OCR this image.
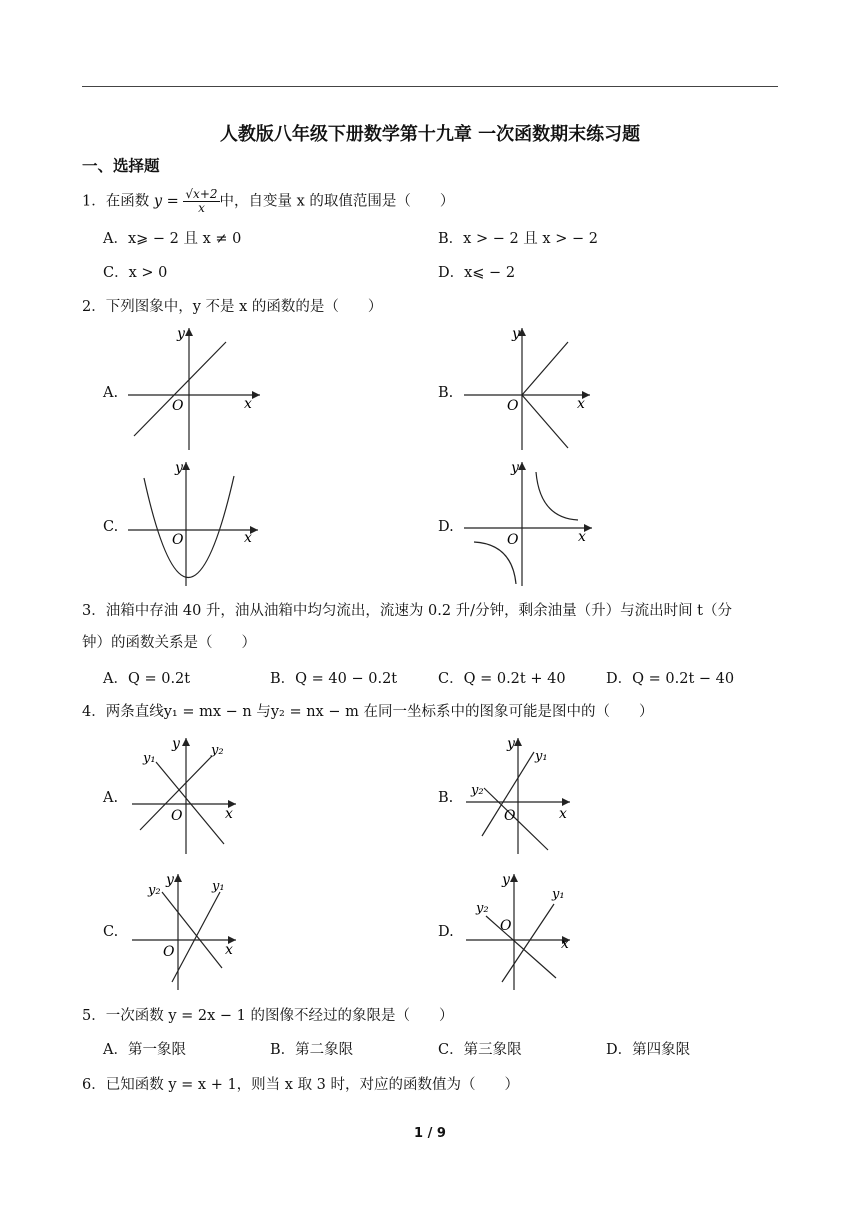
人教版八年级下册数学第十九章 一次函数期末练习题
一、选择题
1．在函数 $y = \frac{√x+2}{x}$ 中，自变量 x 的取值范围是（　　）
A．x⩾ − 2 且 x ≠ 0	B．x > − 2 且 x > − 2
C．x > 0	D．x⩽ − 2
2．下列图象中，y 不是 x 的函数的是（　　）
A.
O	x
y
B.
O	x
y
C.
O	x
y
D.
O	x
y
3．油箱中存油 40 升，油从油箱中均匀流出，流速为 0.2 升/分钟，剩余油量（升）与流出时间 t（分
钟）的函数关系是（　　）
A．Q = 0.2t	B．Q = 40 − 0.2t	C．Q = 0.2t + 40	D．Q = 0.2t − 40
4．两条直线y₁ = mx − n 与y₂ = nx − m 在同一坐标系中的图象可能是图中的（　　）
A.
y₁
y₂
O	x
y
B.
y₁
y₂
O	x
y
C.
y₁
y₂
O	x
y
D.
y₁
y₂
O
x
y
5．一次函数 y = 2x − 1 的图像不经过的象限是（　　）
A．第一象限	B．第二象限	C．第三象限	D．第四象限
6．已知函数 y = x + 1，则当 x 取 3 时，对应的函数值为（　　）
1 / 9
